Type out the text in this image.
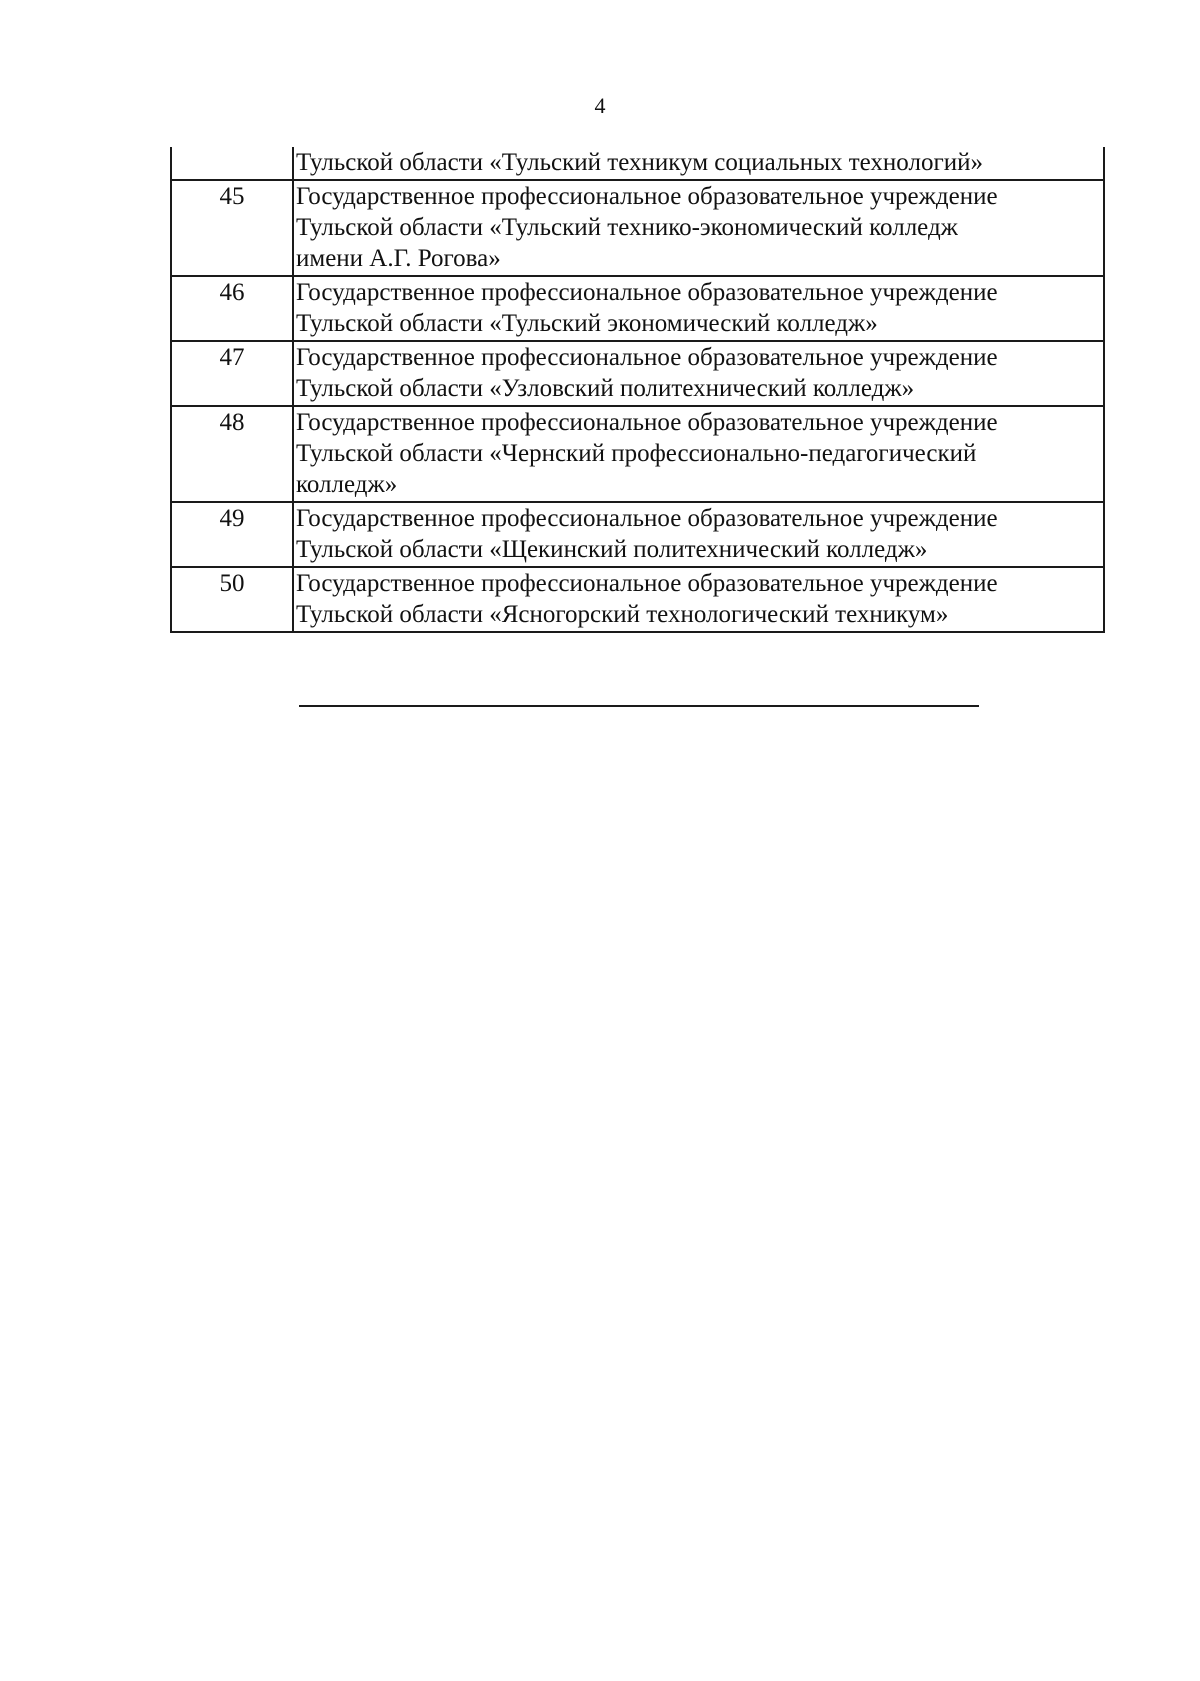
4
	Тульской области «Тульский техникум социальных технологий»
45	Государственное профессиональное образовательное учреждение
Тульской области «Тульский технико-экономический колледж
имени А.Г. Рогова»
46	Государственное профессиональное образовательное учреждение
Тульской области «Тульский экономический колледж»
47	Государственное профессиональное образовательное учреждение
Тульской области «Узловский политехнический колледж»
48	Государственное профессиональное образовательное учреждение
Тульской области «Чернский профессионально-педагогический
колледж»
49	Государственное профессиональное образовательное учреждение
Тульской области «Щекинский политехнический колледж»
50	Государственное профессиональное образовательное учреждение
Тульской области «Ясногорский технологический техникум»
